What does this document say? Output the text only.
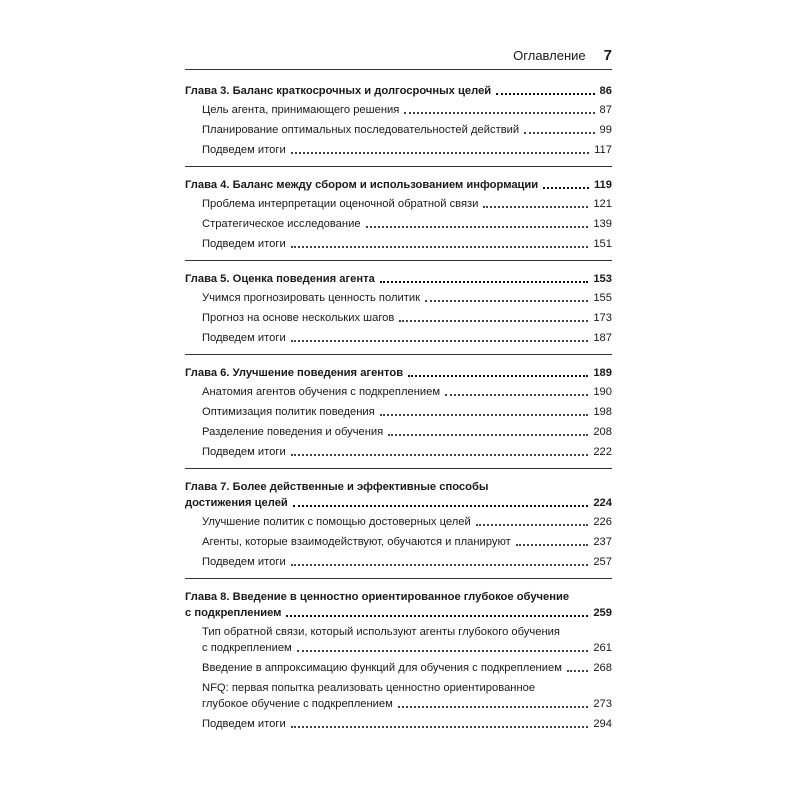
Оглавление 7
Глава 3. Баланс краткосрочных и долгосрочных целей	86
Цель агента, принимающего решения	87
Планирование оптимальных последовательностей действий	99
Подведем итоги	117
Глава 4. Баланс между сбором и использованием информации	119
Проблема интерпретации оценочной обратной связи	121
Стратегическое исследование	139
Подведем итоги	151
Глава 5. Оценка поведения агента	153
Учимся прогнозировать ценность политик	155
Прогноз на основе нескольких шагов	173
Подведем итоги	187
Глава 6. Улучшение поведения агентов	189
Анатомия агентов обучения с подкреплением	190
Оптимизация политик поведения	198
Разделение поведения и обучения	208
Подведем итоги	222
Глава 7. Более действенные и эффективные способы
достижения целей	224
Улучшение политик с помощью достоверных целей	226
Агенты, которые взаимодействуют, обучаются и планируют	237
Подведем итоги	257
Глава 8. Введение в ценностно ориентированное глубокое обучение
с подкреплением	259
Тип обратной связи, который используют агенты глубокого обучения
с подкреплением	261
Введение в аппроксимацию функций для обучения с подкреплением	268
NFQ: первая попытка реализовать ценностно ориентированное
глубокое обучение с подкреплением	273
Подведем итоги	294
